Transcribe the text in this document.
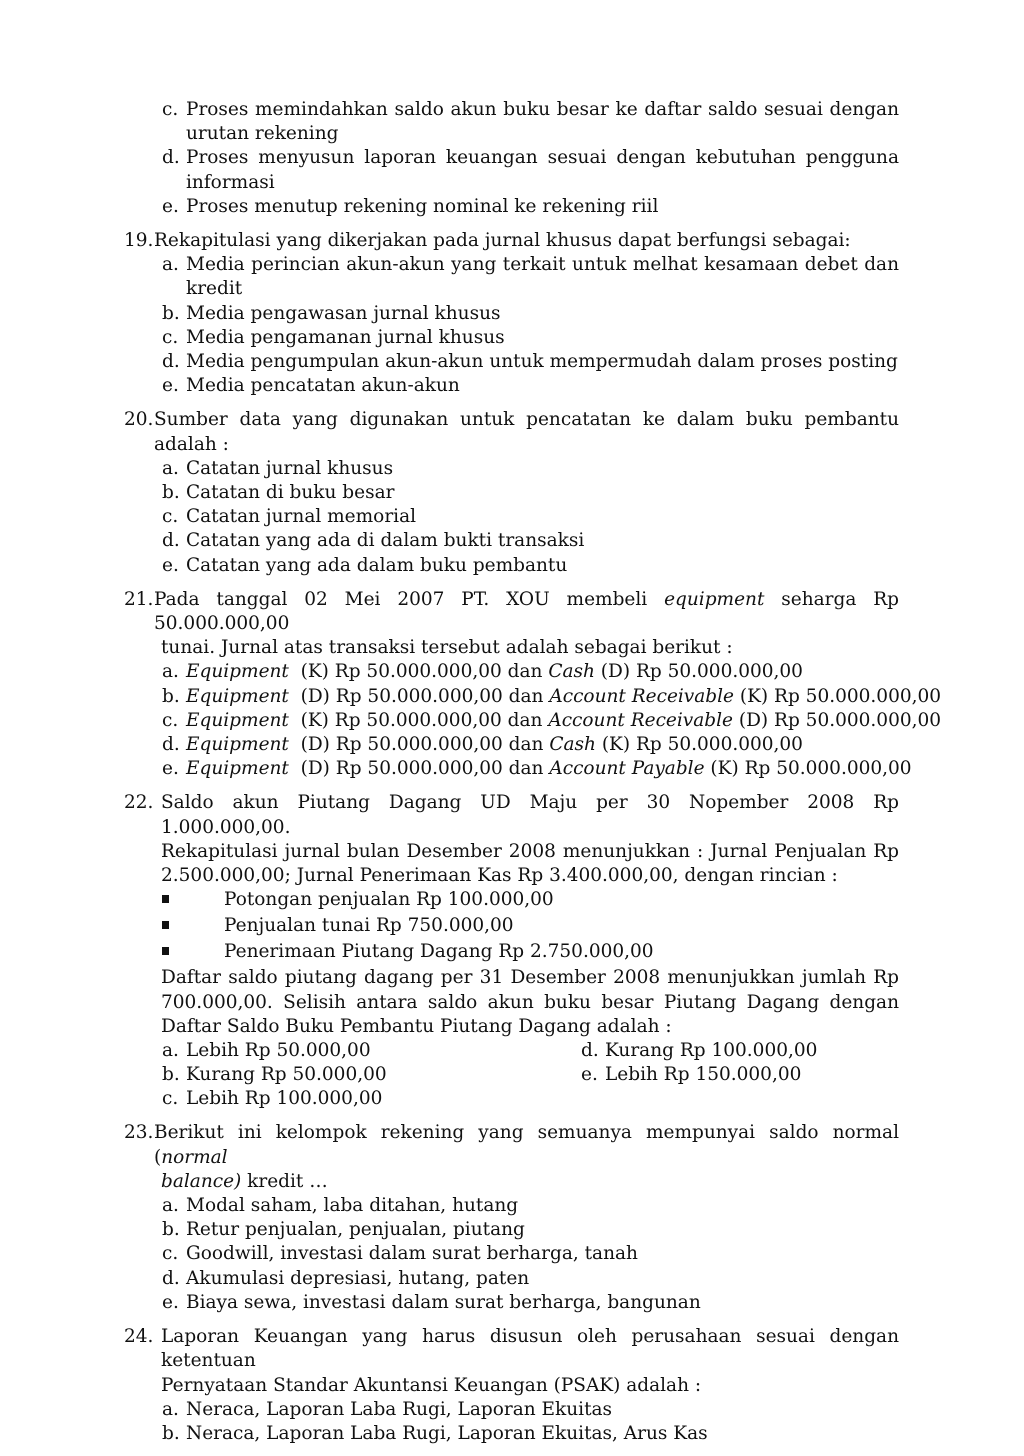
c. Proses memindahkan saldo akun buku besar ke daftar saldo sesuai dengan urutan rekening
d. Proses menyusun laporan keuangan sesuai dengan kebutuhan pengguna informasi
e. Proses menutup rekening nominal ke rekening riil
19. Rekapitulasi yang dikerjakan pada jurnal khusus dapat berfungsi sebagai:
a. Media perincian akun-akun yang terkait untuk melhat kesamaan debet dan kredit
b. Media pengawasan jurnal khusus
c. Media pengamanan jurnal khusus
d. Media pengumpulan akun-akun untuk mempermudah dalam proses posting
e. Media pencatatan akun-akun
20. Sumber data yang digunakan untuk pencatatan ke dalam buku pembantu adalah :
a. Catatan jurnal khusus
b. Catatan di buku besar
c. Catatan jurnal memorial
d. Catatan yang ada di dalam bukti transaksi
e. Catatan yang ada dalam buku pembantu
21. Pada tanggal 02 Mei 2007 PT. XOU membeli equipment seharga Rp 50.000.000,00
tunai. Jurnal atas transaksi tersebut adalah sebagai berikut :
a. Equipment  (K) Rp 50.000.000,00 dan Cash (D) Rp 50.000.000,00
b. Equipment  (D) Rp 50.000.000,00 dan Account Receivable (K) Rp 50.000.000,00
c. Equipment  (K) Rp 50.000.000,00 dan Account Receivable (D) Rp 50.000.000,00
d. Equipment  (D) Rp 50.000.000,00 dan Cash (K) Rp 50.000.000,00
e. Equipment  (D) Rp 50.000.000,00 dan Account Payable (K) Rp 50.000.000,00
22. Saldo akun Piutang Dagang UD Maju per 30 Nopember 2008 Rp 1.000.000,00.
Rekapitulasi jurnal bulan Desember 2008 menunjukkan : Jurnal Penjualan Rp 2.500.000,00; Jurnal Penerimaan Kas Rp 3.400.000,00, dengan rincian :
Potongan penjualan Rp 100.000,00
Penjualan tunai Rp 750.000,00
Penerimaan Piutang Dagang Rp 2.750.000,00
Daftar saldo piutang dagang per 31 Desember 2008 menunjukkan jumlah Rp 700.000,00. Selisih antara saldo akun buku besar Piutang Dagang dengan Daftar Saldo Buku Pembantu Piutang Dagang adalah :
a. Lebih Rp 50.000,00	d. Kurang Rp 100.000,00
b. Kurang Rp 50.000,00	e. Lebih Rp 150.000,00
c. Lebih Rp 100.000,00
23. Berikut ini kelompok rekening yang semuanya mempunyai saldo normal (normal
balance) kredit …
a. Modal saham, laba ditahan, hutang
b. Retur penjualan, penjualan, piutang
c. Goodwill, investasi dalam surat berharga, tanah
d. Akumulasi depresiasi, hutang, paten
e. Biaya sewa, investasi dalam surat berharga, bangunan
24. Laporan Keuangan yang harus disusun oleh perusahaan sesuai dengan ketentuan
Pernyataan Standar Akuntansi Keuangan (PSAK) adalah :
a. Neraca, Laporan Laba Rugi, Laporan Ekuitas
b. Neraca, Laporan Laba Rugi, Laporan Ekuitas, Arus Kas
